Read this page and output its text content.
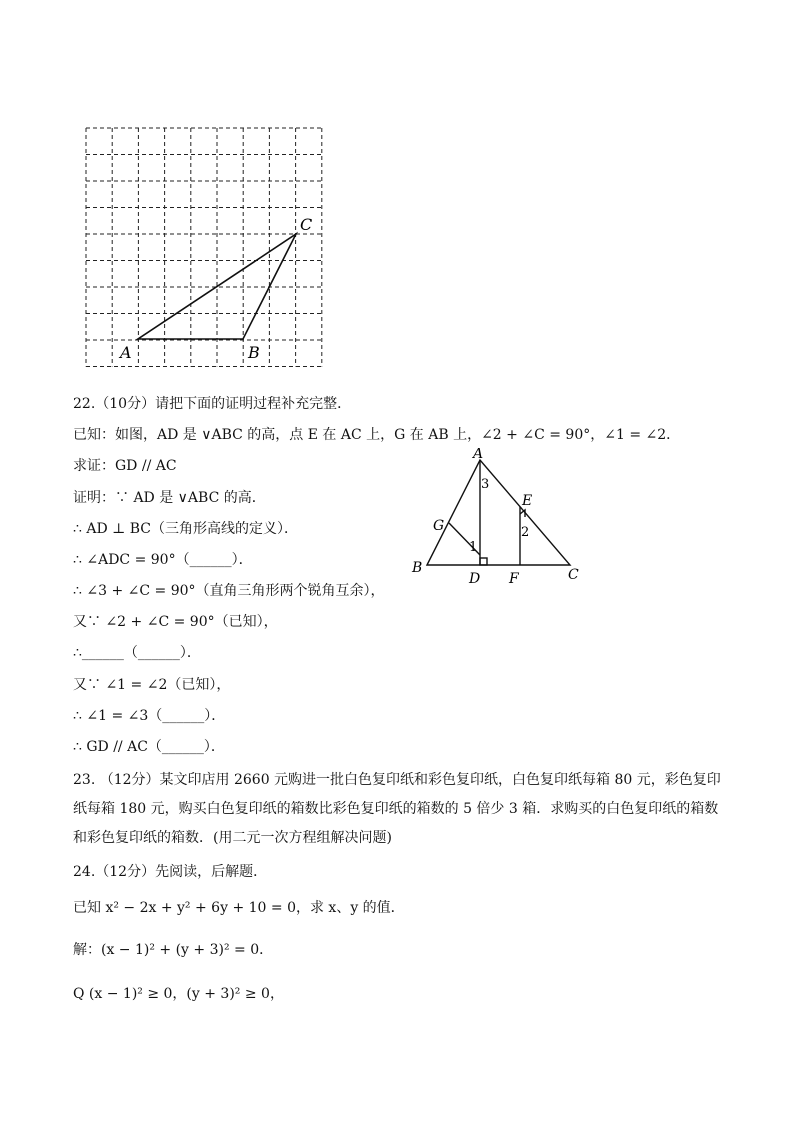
A	B
C
22.（10分）请把下面的证明过程补充完整．
已知：如图，AD 是 ∨ABC 的高，点 E 在 AC 上，G 在 AB 上，∠2 + ∠C = 90°，∠1 = ∠2．
求证：GD // AC
证明：∵ AD 是 ∨ABC 的高．
∴ AD ⊥ BC（三角形高线的定义）．
∴ ∠ADC = 90°（______）．
∴ ∠3 + ∠C = 90°（直角三角形两个锐角互余），
又∵ ∠2 + ∠C = 90°（已知），
∴______（______）．
又∵ ∠1 = ∠2（已知），
∴ ∠1 = ∠3（______）．
∴ GD // AC（______）．
A
B	C
D
E
F
G
1
2
3
23. （12分）某文印店用 2660 元购进一批白色复印纸和彩色复印纸，白色复印纸每箱 80 元，彩色复印纸每箱 180 元，购买白色复印纸的箱数比彩色复印纸的箱数的 5 倍少 3 箱．求购买的白色复印纸的箱数和彩色复印纸的箱数．(用二元一次方程组解决问题)
24.（12分）先阅读，后解题．
已知 x² − 2x + y² + 6y + 10 = 0，求 x、y 的值．
解：(x − 1)² + (y + 3)² = 0．
Q (x − 1)² ≥ 0，(y + 3)² ≥ 0，
